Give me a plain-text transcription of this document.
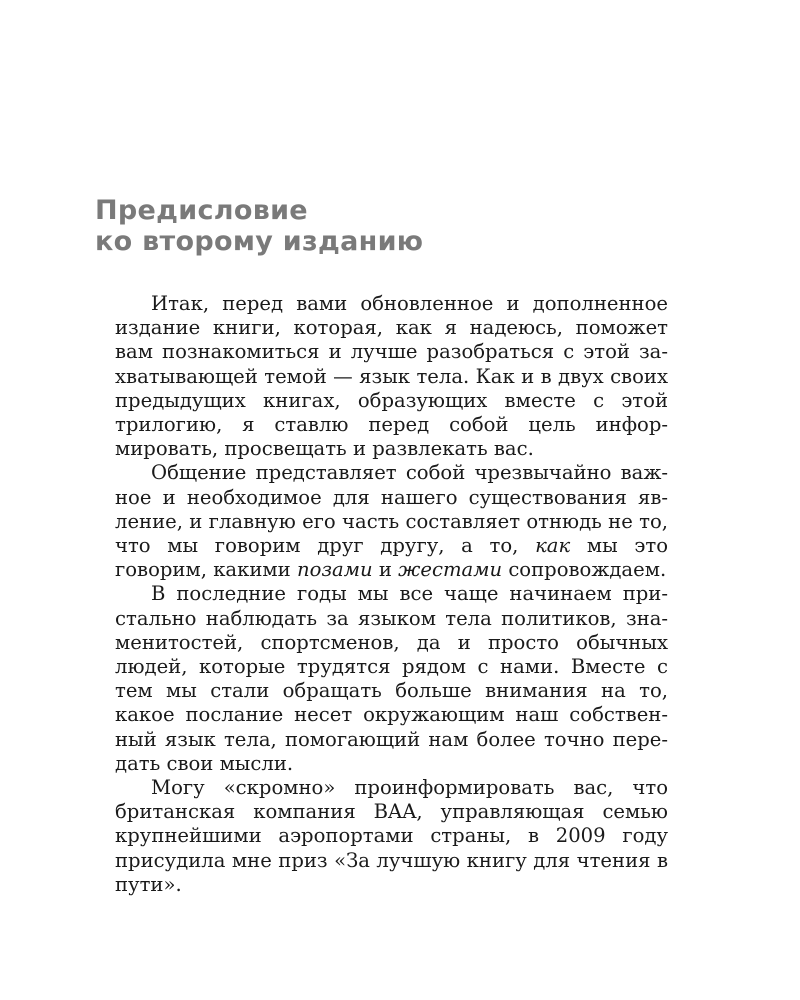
Предисловие
ко второму изданию

Итак, перед вами обновленное и дополненное издание книги, которая, как я надеюсь, поможет вам познакомиться и лучше разобраться с этой захватывающей темой — язык тела. Как и в двух своих предыдущих книгах, образующих вместе с этой трилогию, я ставлю перед собой цель информировать, просвещать и развлекать вас.

Общение представляет собой чрезвычайно важное и необходимое для нашего существования явление, и главную его часть составляет отнюдь не то, что мы говорим друг другу, а то, как мы это говорим, какими позами и жестами сопровождаем.

В последние годы мы все чаще начинаем пристально наблюдать за языком тела политиков, знаменитостей, спортсменов, да и просто обычных людей, которые трудятся рядом с нами. Вместе с тем мы стали обращать больше внимания на то, какое послание несет окружающим наш собственный язык тела, помогающий нам более точно передать свои мысли.

Могу «скромно» проинформировать вас, что британская компания BAA, управляющая семью крупнейшими аэропортами страны, в 2009 году присудила мне приз «За лучшую книгу для чтения в пути».
